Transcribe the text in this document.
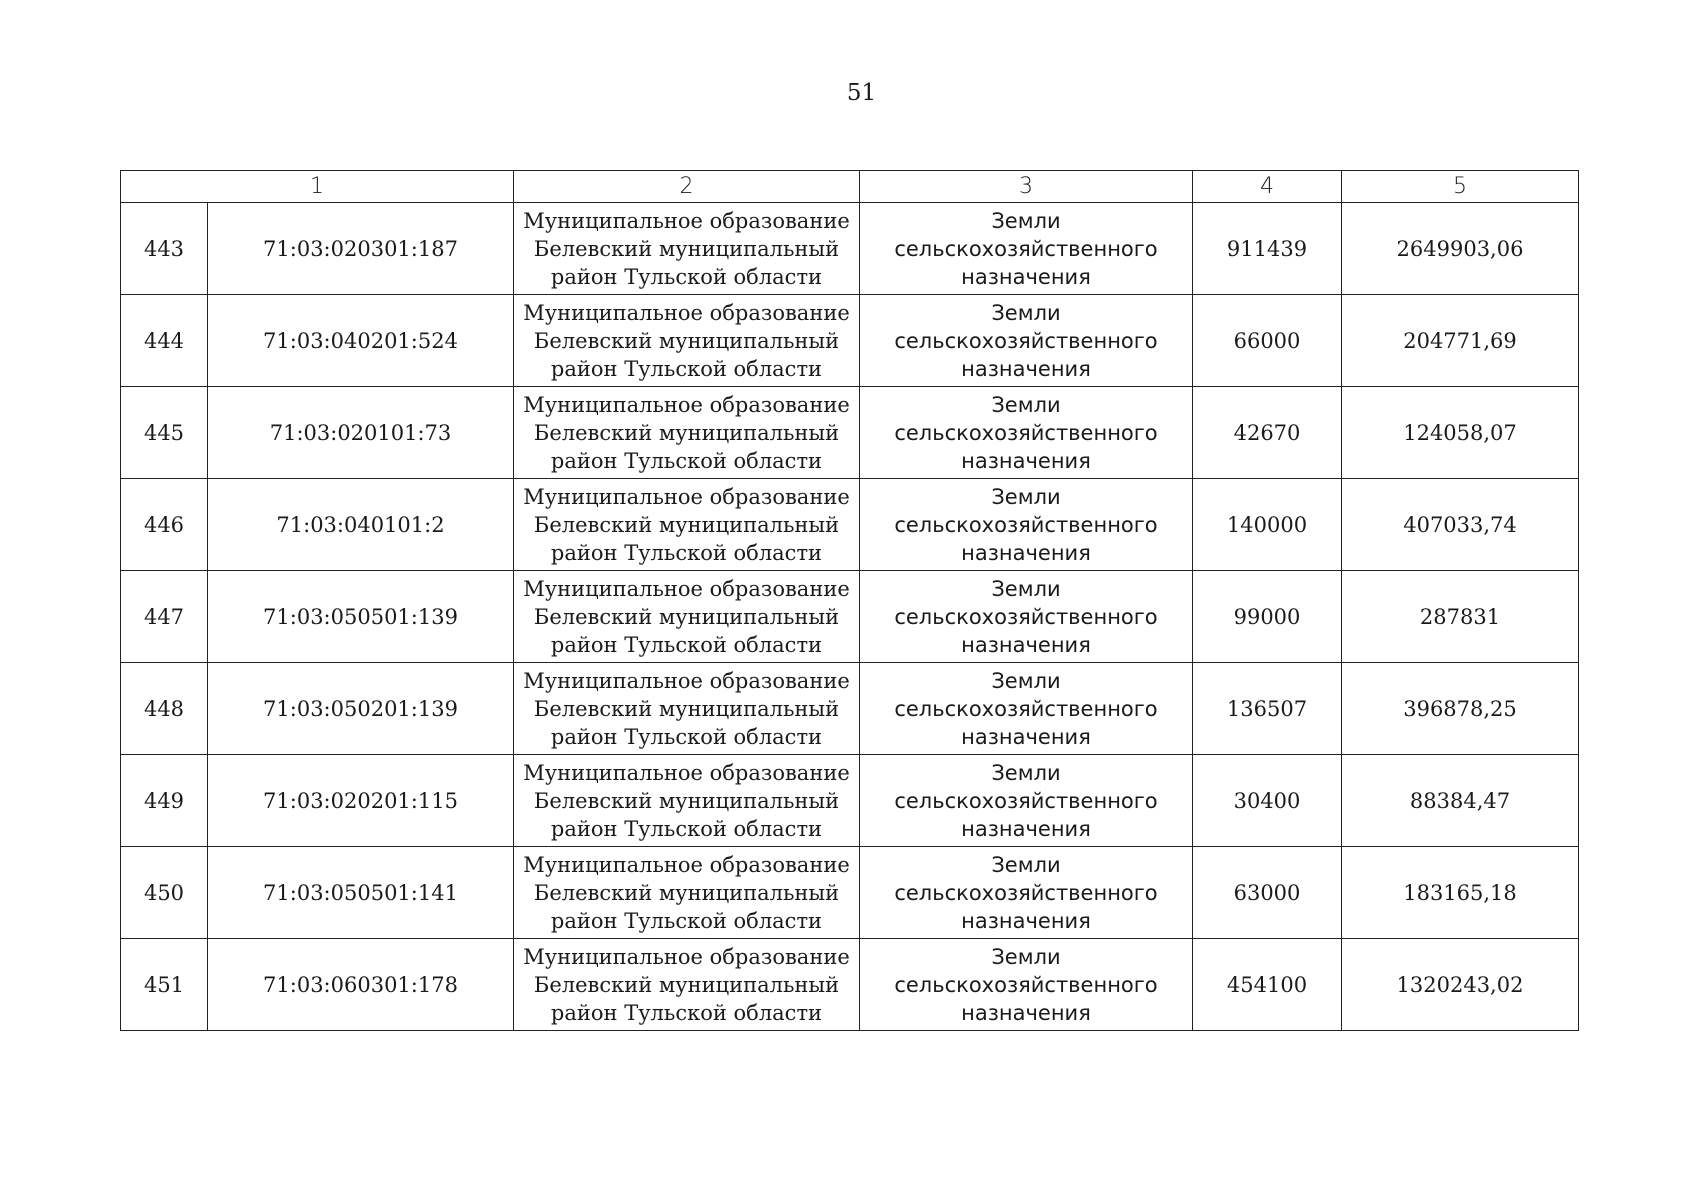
51
1		2	3	4	5
443	71:03:020301:187	Муниципальное образование
Белевский муниципальный
район Тульской области	Земли
сельскохозяйственного
назначения	911439	2649903,06
444	71:03:040201:524	Муниципальное образование
Белевский муниципальный
район Тульской области	Земли
сельскохозяйственного
назначения	66000	204771,69
445	71:03:020101:73	Муниципальное образование
Белевский муниципальный
район Тульской области	Земли
сельскохозяйственного
назначения	42670	124058,07
446	71:03:040101:2	Муниципальное образование
Белевский муниципальный
район Тульской области	Земли
сельскохозяйственного
назначения	140000	407033,74
447	71:03:050501:139	Муниципальное образование
Белевский муниципальный
район Тульской области	Земли
сельскохозяйственного
назначения	99000	287831
448	71:03:050201:139	Муниципальное образование
Белевский муниципальный
район Тульской области	Земли
сельскохозяйственного
назначения	136507	396878,25
449	71:03:020201:115	Муниципальное образование
Белевский муниципальный
район Тульской области	Земли
сельскохозяйственного
назначения	30400	88384,47
450	71:03:050501:141	Муниципальное образование
Белевский муниципальный
район Тульской области	Земли
сельскохозяйственного
назначения	63000	183165,18
451	71:03:060301:178	Муниципальное образование
Белевский муниципальный
район Тульской области	Земли
сельскохозяйственного
назначения	454100	1320243,02
